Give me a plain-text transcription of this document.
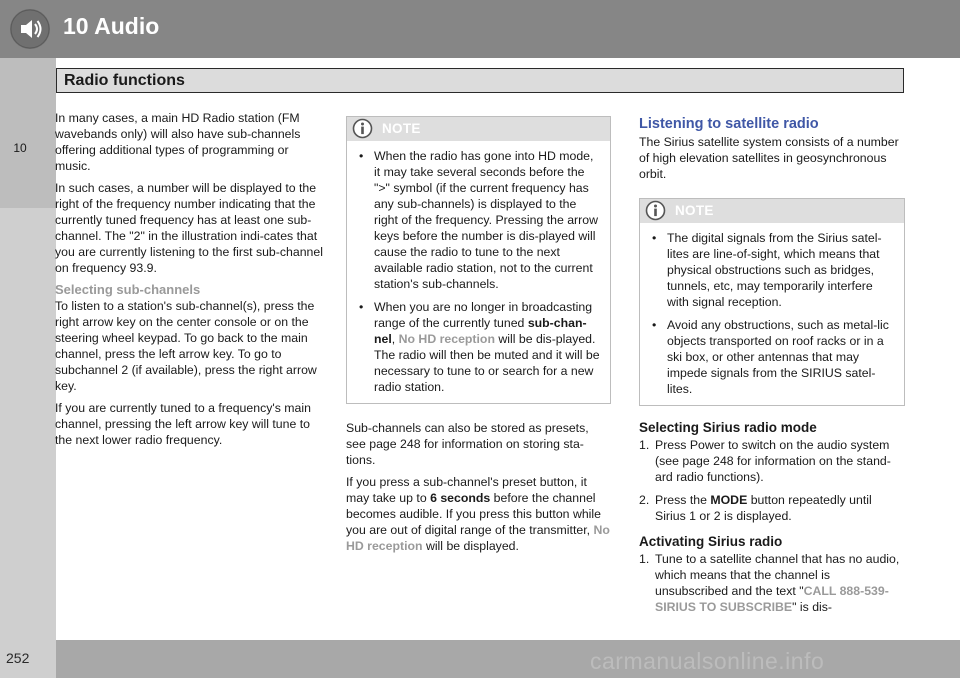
10 Audio
10
Radio functions

In many cases, a main HD Radio station (FM wavebands only) will also have sub-channels offering additional types of programming or music.

In such cases, a number will be displayed to the right of the frequency number indicating that the currently tuned frequency has at least one sub-channel. The "2" in the illustration indi-cates that you are currently listening to the first sub-channel on frequency 93.9.

Selecting sub-channels

To listen to a station's sub-channel(s), press the right arrow key on the center console or on the steering wheel keypad. To go back to the main channel, press the left arrow key. To go to subchannel 2 (if available), press the right arrow key.

If you are currently tuned to a frequency's main channel, pressing the left arrow key will tune to the next lower radio frequency.

NOTE
• When the radio has gone into HD mode, it may take several seconds before the ">" symbol (if the current frequency has any sub-channels) is displayed to the right of the frequency. Pressing the arrow keys before the number is dis-played will cause the radio to tune to the next available radio station, not to the current station's sub-channels.
• When you are no longer in broadcasting range of the currently tuned sub-chan-nel, No HD reception will be dis-played. The radio will then be muted and it will be necessary to tune to or search for a new radio station.

Sub-channels can also be stored as presets, see page 248 for information on storing sta-tions.

If you press a sub-channel's preset button, it may take up to 6 seconds before the channel becomes audible. If you press this button while you are out of digital range of the transmitter, No HD reception will be displayed.

Listening to satellite radio

The Sirius satellite system consists of a number of high elevation satellites in geosynchronous orbit.

NOTE
• The digital signals from the Sirius satel-lites are line-of-sight, which means that physical obstructions such as bridges, tunnels, etc, may temporarily interfere with signal reception.
• Avoid any obstructions, such as metal-lic objects transported on roof racks or in a ski box, or other antennas that may impede signals from the SIRIUS satel-lites.
Selecting Sirius radio mode
1. Press Power to switch on the audio system (see page 248 for information on the stand-ard radio functions).
2. Press the MODE button repeatedly until Sirius 1 or 2 is displayed.
Activating Sirius radio
1. Tune to a satellite channel that has no audio, which means that the channel is unsubscribed and the text "CALL 888-539-SIRIUS TO SUBSCRIBE" is dis-
252	carmanualsonline.info
